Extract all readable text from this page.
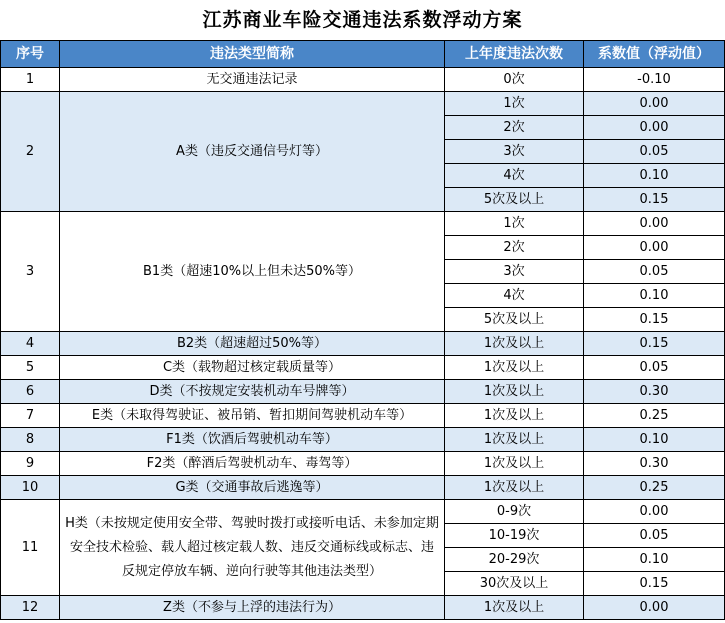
江苏商业车险交通违法系数浮动方案
序号	违法类型简称	上年度违法次数	系数值（浮动值）
1	无交通违法记录	0次	-0.10
2	A类（违反交通信号灯等）	1次	0.00
		2次	0.00
		3次	0.05
		4次	0.10
		5次及以上	0.15
3	B1类（超速10%以上但未达50%等）	1次	0.00
		2次	0.00
		3次	0.05
		4次	0.10
		5次及以上	0.15
4	B2类（超速超过50%等）	1次及以上	0.15
5	C类（载物超过核定载质量等）	1次及以上	0.05
6	D类（不按规定安装机动车号牌等）	1次及以上	0.30
7	E类（未取得驾驶证、被吊销、暂扣期间驾驶机动车等）	1次及以上	0.25
8	F1类（饮酒后驾驶机动车等）	1次及以上	0.10
9	F2类（醉酒后驾驶机动车、毒驾等）	1次及以上	0.30
10	G类（交通事故后逃逸等）	1次及以上	0.25
11	H类（未按规定使用安全带、驾驶时拨打或接听电话、未参加定期安全技术检验、载人超过核定载人数、违反交通标线或标志、违反规定停放车辆、逆向行驶等其他违法类型）	0-9次	0.00
		10-19次	0.05
		20-29次	0.10
		30次及以上	0.15
12	Z类（不参与上浮的违法行为）	1次及以上	0.00
